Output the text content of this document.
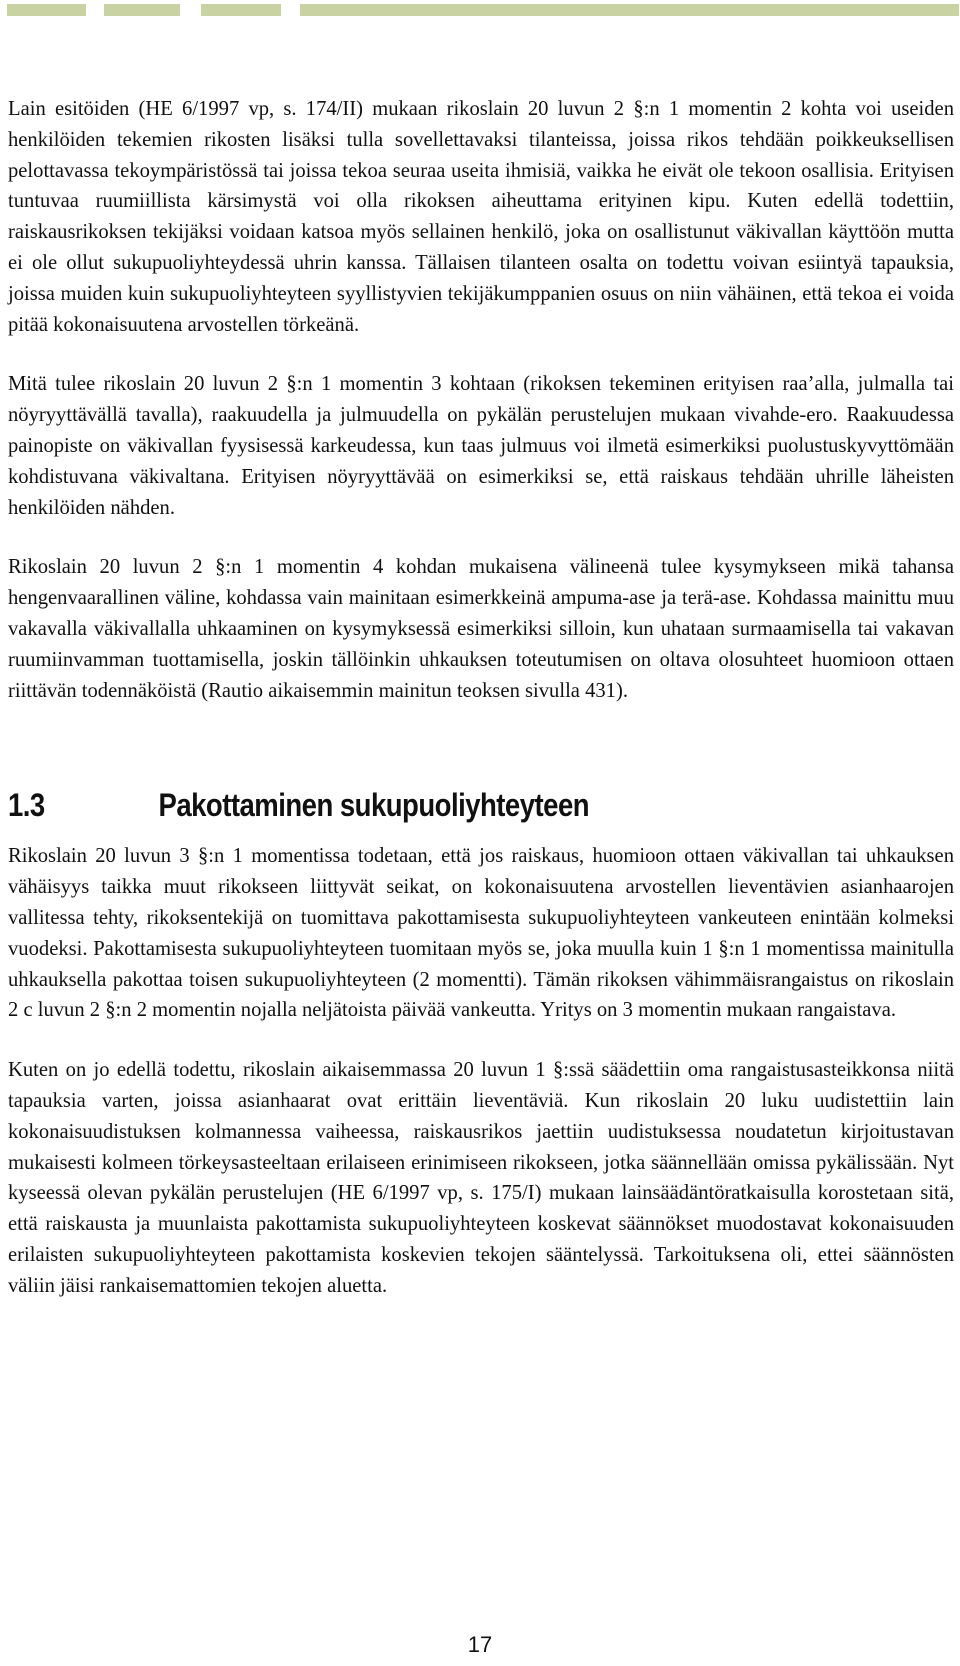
Lain esitöiden (HE 6/1997 vp, s. 174/II) mukaan rikoslain 20 luvun 2 §:n 1 momentin 2 kohta voi useiden henkilöiden tekemien rikosten lisäksi tulla sovellettavaksi tilanteissa, joissa rikos tehdään poikkeuksellisen pelottavassa tekoympäristössä tai joissa tekoa seuraa useita ihmisiä, vaikka he eivät ole tekoon osallisia. Erityisen tuntuvaa ruumiillista kärsimystä voi olla rikoksen aiheuttama erityinen kipu. Kuten edellä todettiin, raiskausrikoksen tekijäksi voidaan katsoa myös sellainen henkilö, joka on osallistunut väkivallan käyttöön mutta ei ole ollut sukupuoliyhteydessä uhrin kanssa. Tällaisen tilanteen osalta on todettu voivan esiintyä tapauksia, joissa muiden kuin sukupuoliyhteyteen syyllistyvien tekijäkumppanien osuus on niin vähäinen, että tekoa ei voida pitää kokonaisuutena arvostellen törkeänä.

Mitä tulee rikoslain 20 luvun 2 §:n 1 momentin 3 kohtaan (rikoksen tekeminen erityisen raa’alla, julmalla tai nöyryyttävällä tavalla), raakuudella ja julmuudella on pykälän perustelujen mukaan vivahde-ero. Raakuudessa painopiste on väkivallan fyysisessä karkeudessa, kun taas julmuus voi ilmetä esimerkiksi puolustuskyvyttömään kohdistuvana väkivaltana. Erityisen nöyryyttävää on esimerkiksi se, että raiskaus tehdään uhrille läheisten henkilöiden nähden.

Rikoslain 20 luvun 2 §:n 1 momentin 4 kohdan mukaisena välineenä tulee kysymykseen mikä tahansa hengenvaarallinen väline, kohdassa vain mainitaan esimerkkeinä ampuma-ase ja terä-ase. Kohdassa mainittu muu vakavalla väkivallalla uhkaaminen on kysymyksessä esimerkiksi silloin, kun uhataan surmaamisella tai vakavan ruumiinvamman tuottamisella, joskin tällöinkin uhkauksen toteutumisen on oltava olosuhteet huomioon ottaen riittävän todennäköistä (Rautio aikaisemmin mainitun teoksen sivulla 431).

1.3	Pakottaminen sukupuoliyhteyteen

Rikoslain 20 luvun 3 §:n 1 momentissa todetaan, että jos raiskaus, huomioon ottaen väkivallan tai uhkauksen vähäisyys taikka muut rikokseen liittyvät seikat, on kokonaisuutena arvostellen lieventävien asianhaarojen vallitessa tehty, rikoksentekijä on tuomittava pakottamisesta sukupuoliyhteyteen vankeuteen enintään kolmeksi vuodeksi. Pakottamisesta sukupuoliyhteyteen tuomitaan myös se, joka muulla kuin 1 §:n 1 momentissa mainitulla uhkauksella pakottaa toisen sukupuoliyhteyteen (2 momentti). Tämän rikoksen vähimmäisrangaistus on rikoslain 2 c luvun 2 §:n 2 momentin nojalla neljätoista päivää vankeutta. Yritys on 3 momentin mukaan rangaistava.

Kuten on jo edellä todettu, rikoslain aikaisemmassa 20 luvun 1 §:ssä säädettiin oma rangaistusasteikkonsa niitä tapauksia varten, joissa asianhaarat ovat erittäin lieventäviä. Kun rikoslain 20 luku uudistettiin lain kokonaisuudistuksen kolmannessa vaiheessa, raiskausrikos jaettiin uudistuksessa noudatetun kirjoitustavan mukaisesti kolmeen törkeysasteeltaan erilaiseen erinimiseen rikokseen, jotka säännellään omissa pykälissään. Nyt kyseessä olevan pykälän perustelujen (HE 6/1997 vp, s. 175/I) mukaan lainsäädäntöratkaisulla korostetaan sitä, että raiskausta ja muunlaista pakottamista sukupuoliyhteyteen koskevat säännökset muodostavat kokonaisuuden erilaisten sukupuoliyhteyteen pakottamista koskevien tekojen sääntelyssä. Tarkoituksena oli, ettei säännösten väliin jäisi rankaisemattomien tekojen aluetta.

17
